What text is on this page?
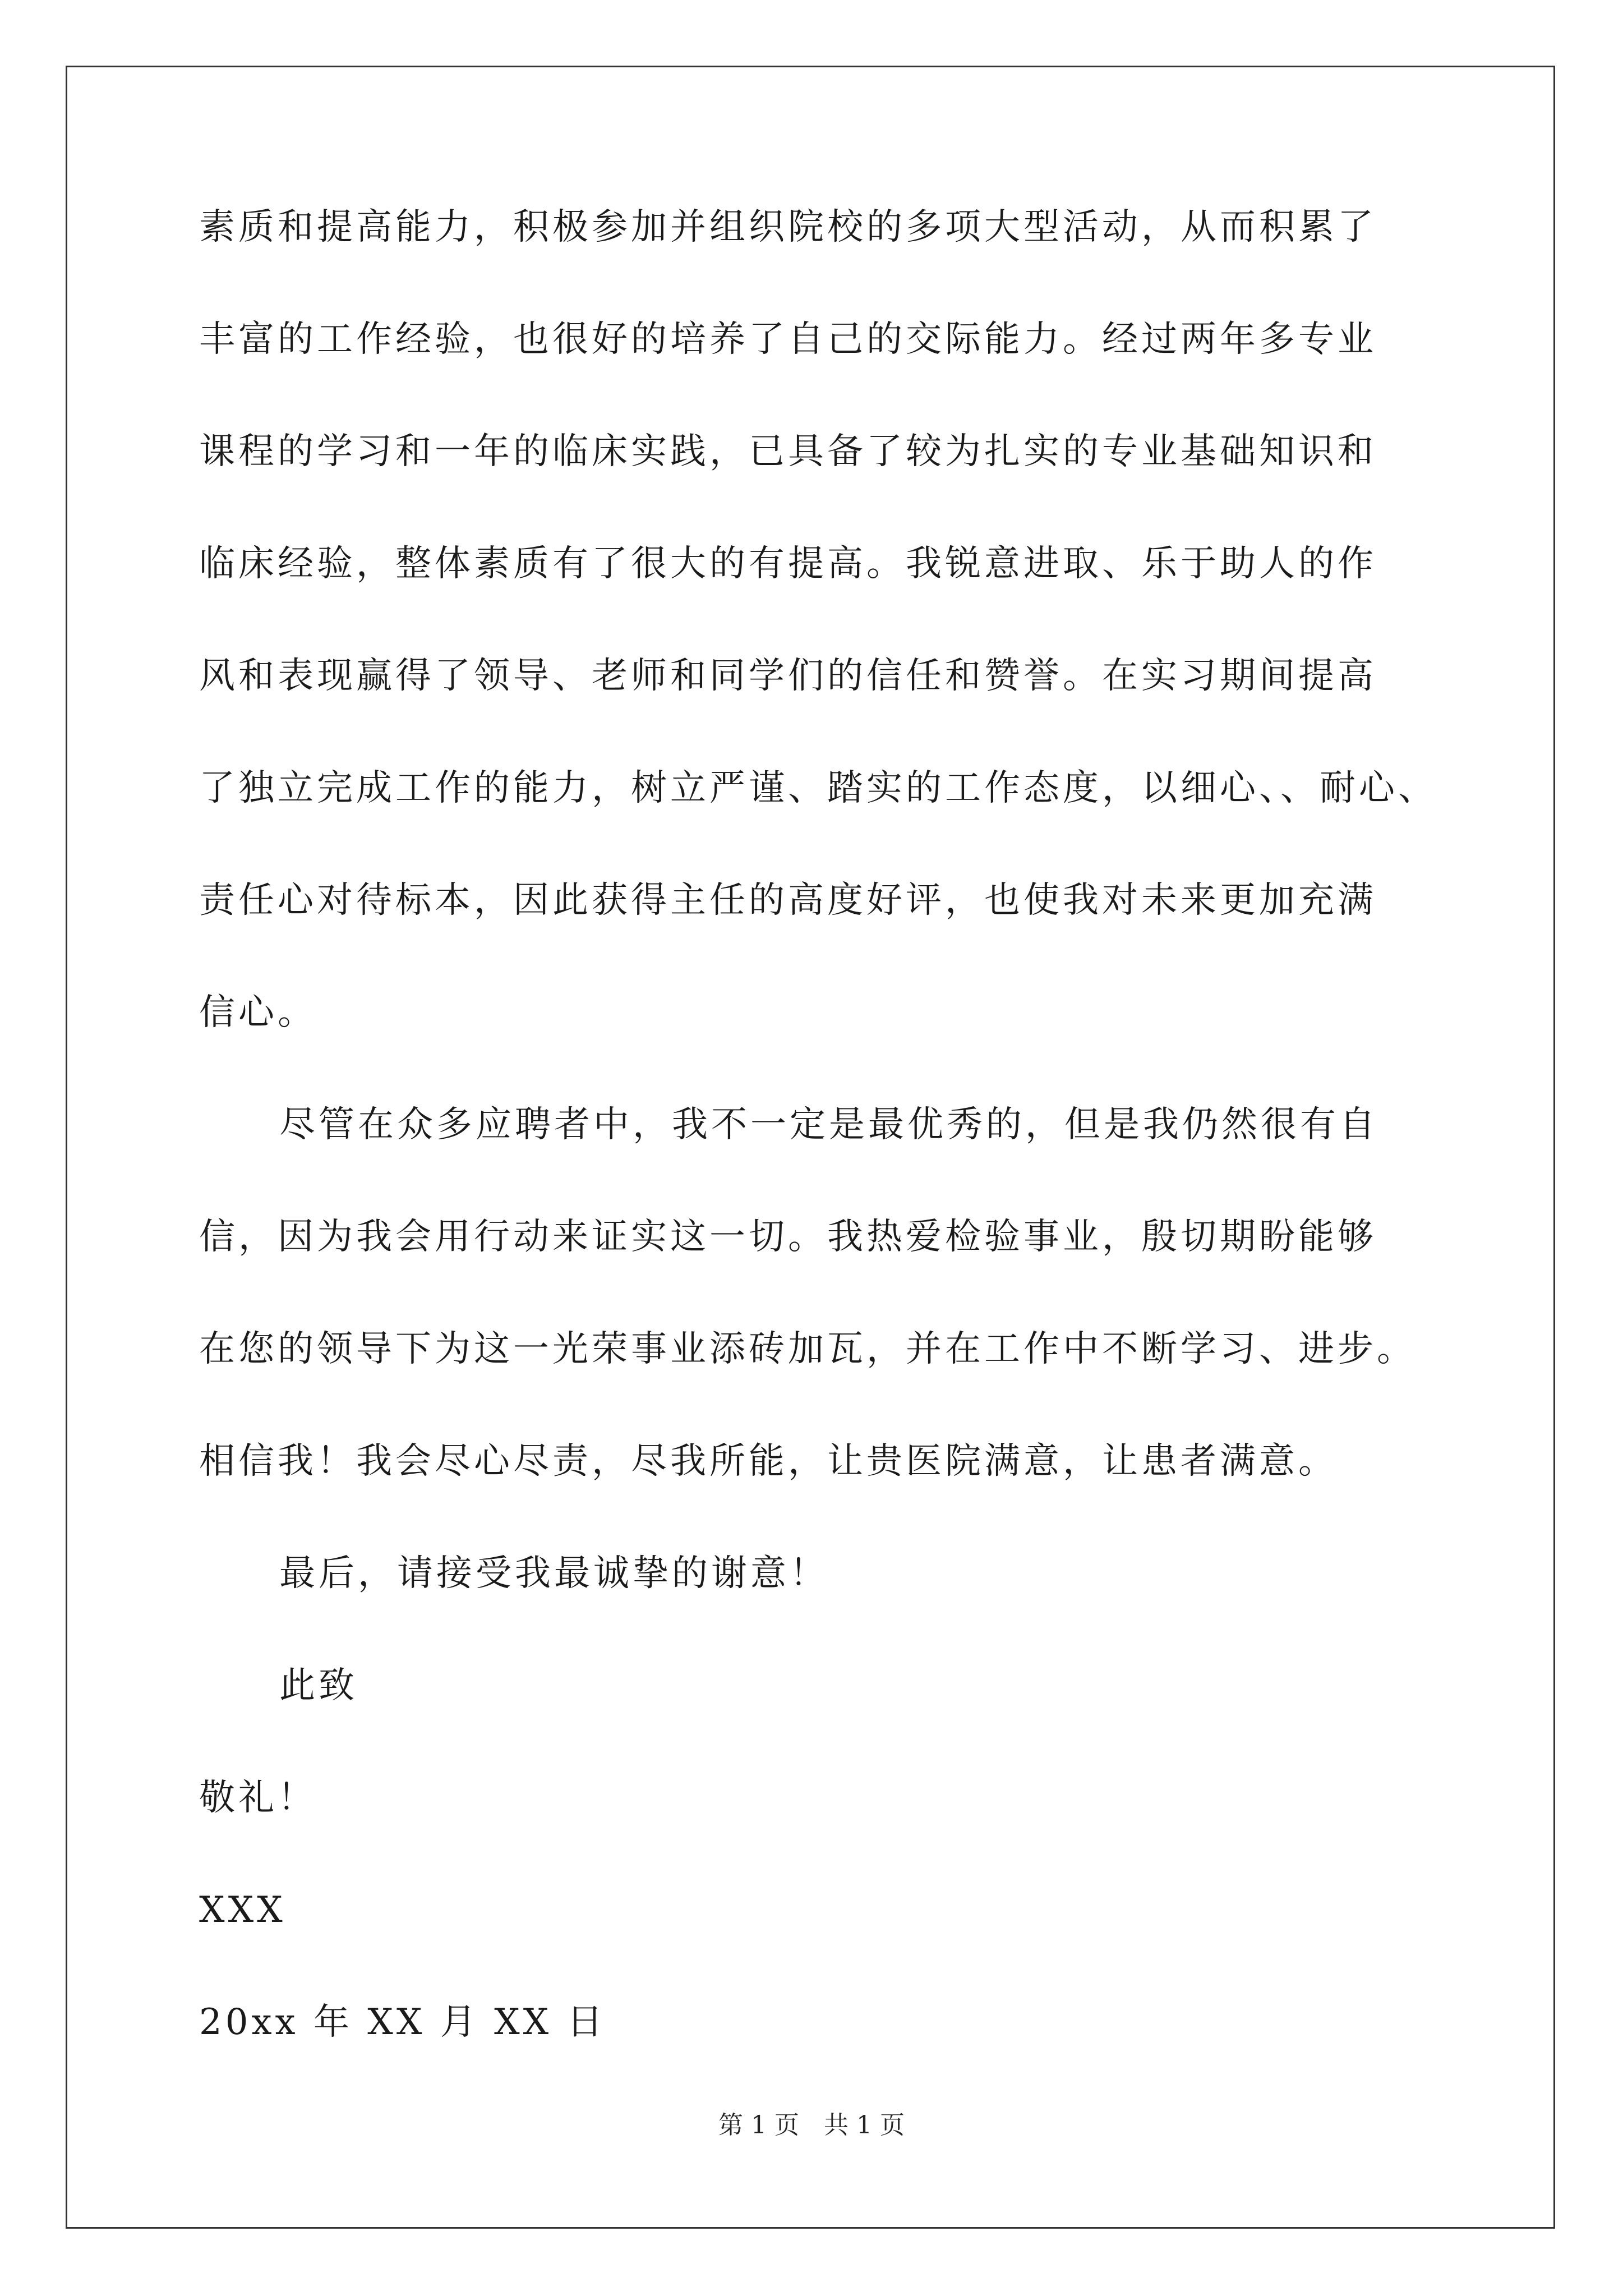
素质和提高能力，积极参加并组织院校的多项大型活动，从而积累了
丰富的工作经验，也很好的培养了自己的交际能力。经过两年多专业
课程的学习和一年的临床实践，已具备了较为扎实的专业基础知识和
临床经验，整体素质有了很大的有提高。我锐意进取、乐于助人的作
风和表现赢得了领导、老师和同学们的信任和赞誉。在实习期间提高
了独立完成工作的能力，树立严谨、踏实的工作态度，以细心、、耐心、
责任心对待标本，因此获得主任的高度好评，也使我对未来更加充满
信心。
尽管在众多应聘者中，我不一定是最优秀的，但是我仍然很有自
信，因为我会用行动来证实这一切。我热爱检验事业，殷切期盼能够
在您的领导下为这一光荣事业添砖加瓦，并在工作中不断学习、进步。
相信我！我会尽心尽责，尽我所能，让贵医院满意，让患者满意。
最后，请接受我最诚挚的谢意！
此致
敬礼！
XXX
20xx 年 XX 月 XX 日
第 1 页　共 1 页
